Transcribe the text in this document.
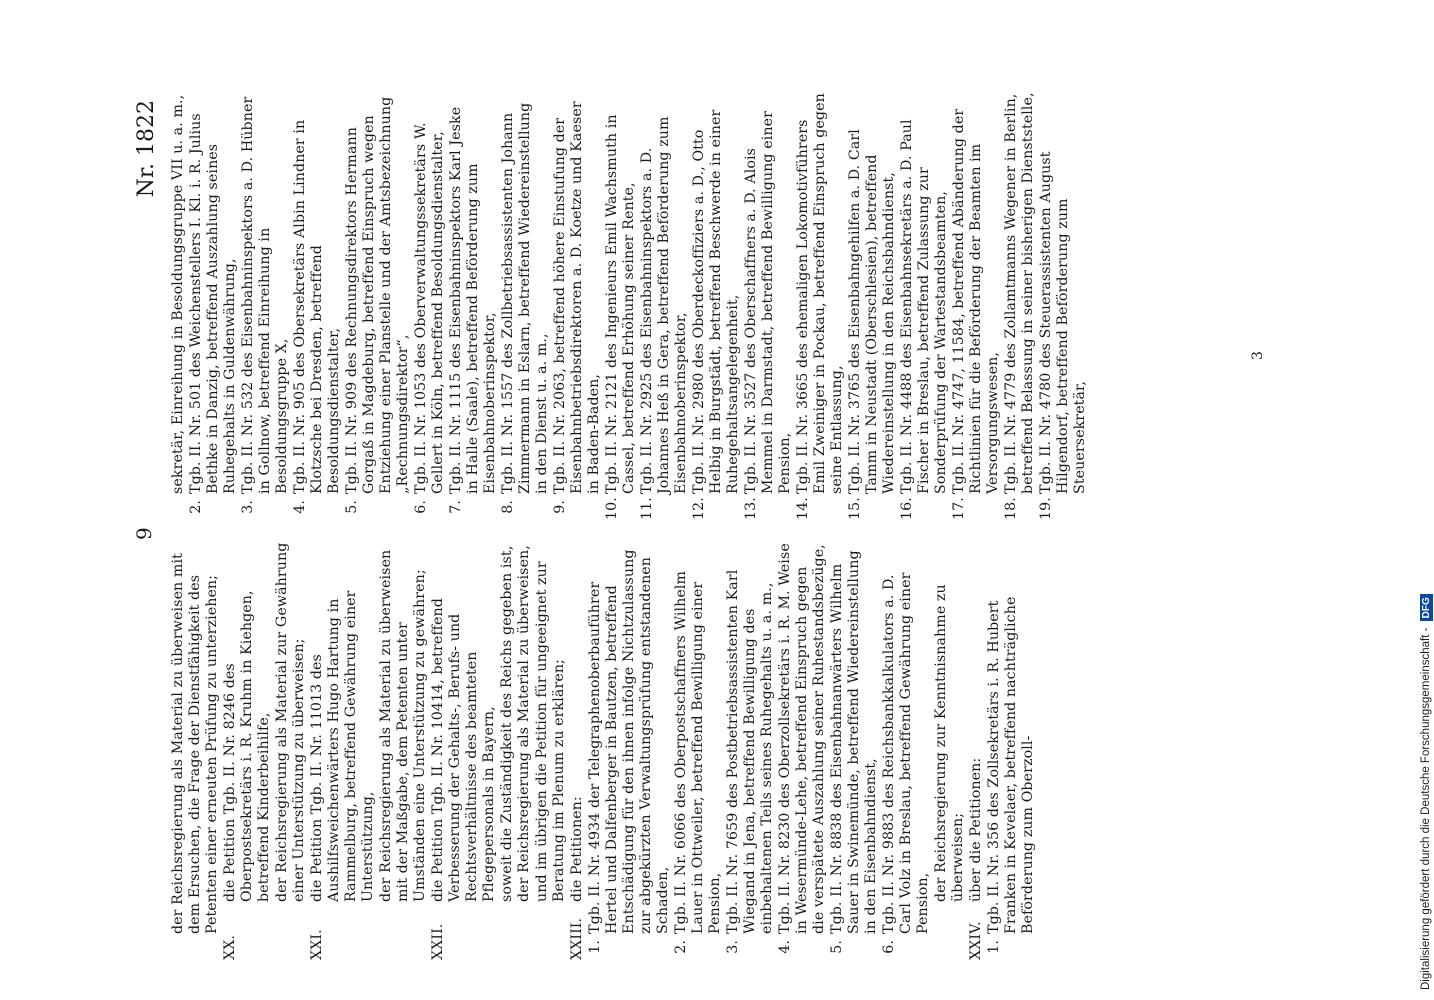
9
Nr. 1822
der Reichsregierung als Material zu überweisen mit dem Ersuchen, die Frage der Dienstfähigkeit des Petenten einer erneuten Prüfung zu unterziehen;
XX.
die Petition Tgb. II. Nr. 8246 des Oberpostsekretärs i. R. Kruhm in Kiehgen, betreffend Kinderbeihilfe, der Reichsregierung als Material zur Gewährung einer Unterstützung zu überweisen;
XXI.
die Petition Tgb. II. Nr. 11013 des Aushilfsweichenwärters Hugo Hartung in Rammelburg, betreffend Gewährung einer Unterstützung, der Reichsregierung als Material zu überweisen mit der Maßgabe, dem Petenten unter Umständen eine Unterstützung zu gewähren;
XXII.
die Petition Tgb. II. Nr. 10414, betreffend Verbesserung der Gehalts-, Berufs- und Rechtsverhältnisse des beamteten Pflegepersonals in Bayern, soweit die Zuständigkeit des Reichs gegeben ist, der Reichsregierung als Material zu überweisen, und im übrigen die Petition für ungeeignet zur Beratung im Plenum zu erklären;
XXIII.
die Petitionen:
1.
Tgb. II. Nr. 4934 der Telegraphenoberbauführer Hertel und Dalfenberger in Bautzen, betreffend Entschädigung für den ihnen infolge Nichtzulassung zur abgekürzten Verwaltungsprüfung entstandenen Schaden,
2.
Tgb. II. Nr. 6066 des Oberpostschaffners Wilhelm Lauer in Ottweiler, betreffend Bewilligung einer Pension,
3.
Tgb. II. Nr. 7659 des Postbetriebsassistenten Karl Wiegand in Jena, betreffend Bewilligung des einbehaltenen Teils seines Ruhegehalts u. a. m.,
4.
Tgb. II. Nr. 8230 des Oberzollsekretärs i. R. M. Weise in Wesermünde-Lehe, betreffend Einspruch gegen die verspätete Auszahlung seiner Ruhestandsbezüge,
5.
Tgb. II. Nr. 8838 des Eisenbahnanwärters Wilhelm Sauer in Swinemünde, betreffend Wiedereinstellung in den Eisenbahndienst,
6.
Tgb. II. Nr. 9883 des Reichsbankkalkulators a. D. Carl Volz in Breslau, betreffend Gewährung einer Pension,
der Reichsregierung zur Kenntnisnahme zu überweisen;
XXIV.
über die Petitionen:
1.
Tgb. II. Nr. 356 des Zollsekretärs i. R. Hubert Franken in Kevelaer, betreffend nachträgliche Beförderung zum Oberzoll-
sekretär, Einreihung in Besoldungsgruppe VII u. a. m.,
2.
Tgb. II. Nr. 501 des Weichenstellers I. Kl. i. R. Julius Bethke in Danzig, betreffend Auszahlung seines Ruhegehalts in Guldenwährung,
3.
Tgb. II. Nr. 532 des Eisenbahninspektors a. D. Hübner in Gollnow, betreffend Einreihung in Besoldungsgruppe X,
4.
Tgb. II. Nr. 905 des Obersekretärs Albin Lindner in Klotzsche bei Dresden, betreffend Besoldungsdienstalter,
5.
Tgb. II. Nr. 909 des Rechnungsdirektors Hermann Gorgaß in Magdeburg, betreffend Einspruch wegen Entziehung einer Planstelle und der Amtsbezeichnung „Rechnungsdirektor“,
6.
Tgb. II. Nr. 1053 des Oberverwaltungssekretärs W. Gellert in Köln, betreffend Besoldungsdienstalter,
7.
Tgb. II. Nr. 1115 des Eisenbahninspektors Karl Jeske in Halle (Saale), betreffend Beförderung zum Eisenbahnoberinspektor,
8.
Tgb. II. Nr. 1557 des Zollbetriebsassistenten Johann Zimmermann in Eslarn, betreffend Wiedereinstellung in den Dienst u. a. m.,
9.
Tgb. II. Nr. 2063, betreffend höhere Einstufung der Eisenbahnbetriebsdirektoren a. D. Koetze und Kaeser in Baden-Baden,
10.
Tgb. II. Nr. 2121 des Ingenieurs Emil Wachsmuth in Cassel, betreffend Erhöhung seiner Rente,
11.
Tgb. II. Nr. 2925 des Eisenbahninspektors a. D. Johannes Heß in Gera, betreffend Beförderung zum Eisenbahnoberinspektor,
12.
Tgb. II. Nr. 2980 des Oberdeckoffiziers a. D., Otto Helbig in Burgstädt, betreffend Beschwerde in einer Ruhegehaltsangelegenheit,
13.
Tgb. II. Nr. 3527 des Oberschaffners a. D. Alois Memmel in Darmstadt, betreffend Bewilligung einer Pension,
14.
Tgb. II. Nr. 3665 des ehemaligen Lokomotivführers Emil Zweiniger in Pockau, betreffend Einspruch gegen seine Entlassung,
15.
Tgb. II. Nr. 3765 des Eisenbahngehilfen a. D. Carl Tamm in Neustadt (Oberschlesien), betreffend Wiedereinstellung in den Reichsbahndienst,
16.
Tgb. II. Nr. 4488 des Eisenbahnsekretärs a. D. Paul Fischer in Breslau, betreffend Zulassung zur Sonderprüfung der Wartestandsbeamten,
17.
Tgb. II. Nr. 4747, 11584, betreffend Abänderung der Richtlinien für die Beförderung der Beamten im Versorgungswesen,
18.
Tgb. II. Nr. 4779 des Zollamtmanns Wegener in Berlin, betreffend Belassung in seiner bisherigen Dienststelle,
19.
Tgb. II. Nr. 4780 des Steuerassistenten August Hilgendorf, betreffend Beförderung zum Steuersekretär,
3
Digitalisierung gefördert durch die Deutsche Forschungsgemeinschaft - DFG
